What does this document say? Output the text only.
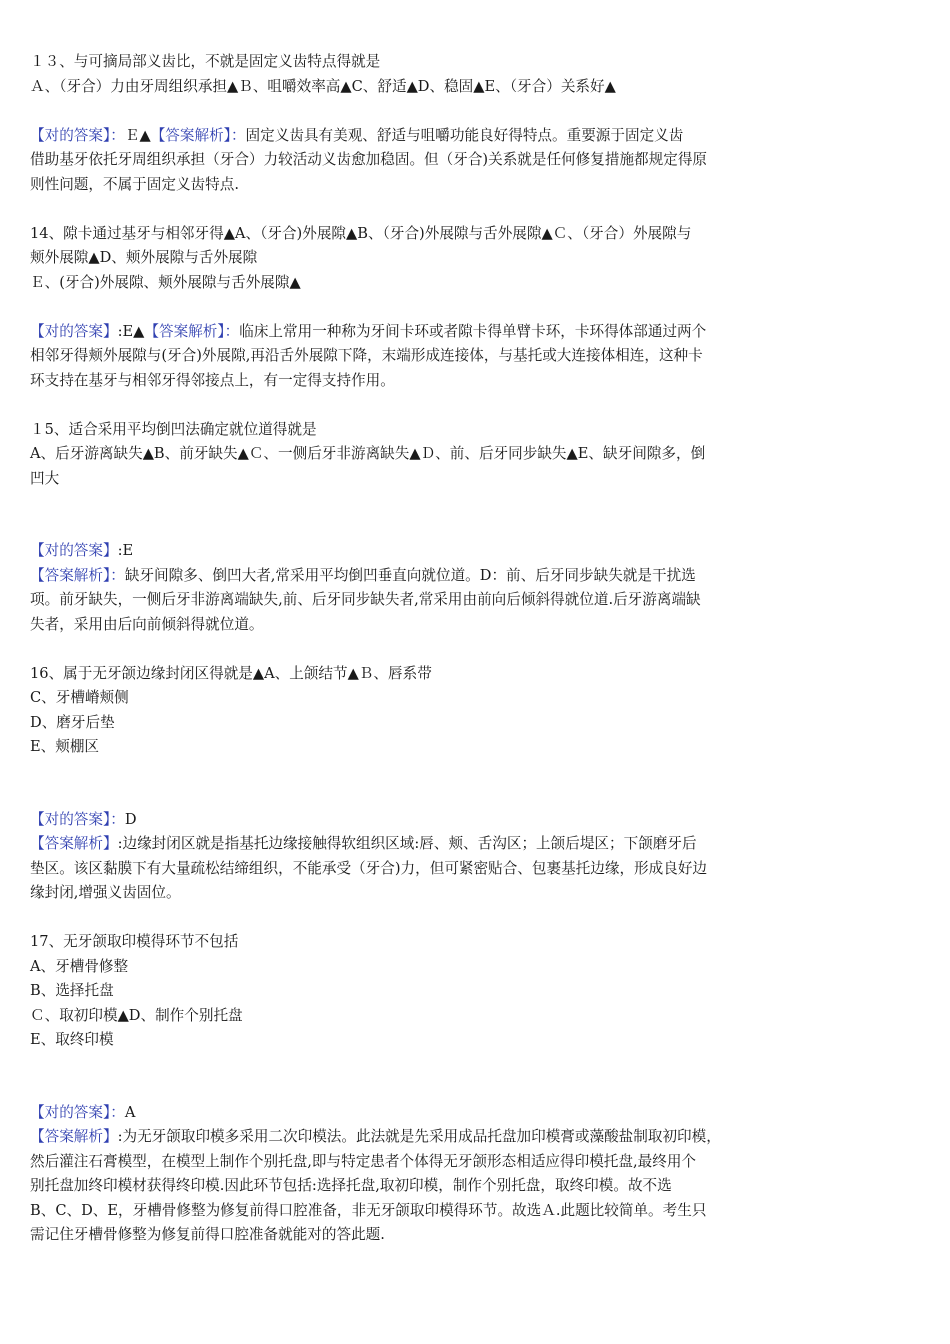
１３、与可摘局部义齿比，不就是固定义齿特点得就是
Ａ、（牙合）力由牙周组织承担▲Ｂ、咀嚼效率高▲C、舒适▲D、稳固▲E、（牙合）关系好▲
【对的答案】：Ｅ▲【答案解析】：固定义齿具有美观、舒适与咀嚼功能良好得特点。重要源于固定义齿
借助基牙依托牙周组织承担（牙合）力较活动义齿愈加稳固。但（牙合)关系就是任何修复措施都规定得原
则性问题，不属于固定义齿特点.
14、隙卡通过基牙与相邻牙得▲A、（牙合)外展隙▲B、（牙合)外展隙与舌外展隙▲Ｃ、（牙合）外展隙与
颊外展隙▲D、颊外展隙与舌外展隙
Ｅ、(牙合)外展隙、颊外展隙与舌外展隙▲
【对的答案】:E▲【答案解析】：临床上常用一种称为牙间卡环或者隙卡得单臂卡环，卡环得体部通过两个
相邻牙得颊外展隙与(牙合)外展隙,再沿舌外展隙下降，末端形成连接体，与基托或大连接体相连，这种卡
环支持在基牙与相邻牙得邻接点上，有一定得支持作用。
１5、适合采用平均倒凹法确定就位道得就是
A、后牙游离缺失▲B、前牙缺失▲Ｃ、一侧后牙非游离缺失▲Ｄ、前、后牙同步缺失▲E、缺牙间隙多，倒
凹大
【对的答案】:E
【答案解析】：缺牙间隙多、倒凹大者,常采用平均倒凹垂直向就位道。D：前、后牙同步缺失就是干扰选
项。前牙缺失，一侧后牙非游离端缺失,前、后牙同步缺失者,常采用由前向后倾斜得就位道.后牙游离端缺
失者，采用由后向前倾斜得就位道。
16、属于无牙颌边缘封闭区得就是▲A、上颌结节▲Ｂ、唇系带
C、牙槽嵴颊侧
D、磨牙后垫
E、颊棚区
【对的答案】：D
【答案解析】:边缘封闭区就是指基托边缘接触得软组织区域:唇、颊、舌沟区；上颌后堤区；下颌磨牙后
垫区。该区黏膜下有大量疏松结缔组织，不能承受（牙合)力，但可紧密贴合、包裹基托边缘，形成良好边
缘封闭,增强义齿固位。
17、无牙颌取印模得环节不包括
A、牙槽骨修整
B、选择托盘
Ｃ、取初印模▲D、制作个别托盘
E、取终印模
【对的答案】：A
【答案解析】:为无牙颌取印模多采用二次印模法。此法就是先采用成品托盘加印模膏或藻酸盐制取初印模，
然后灌注石膏模型，在模型上制作个别托盘,即与特定患者个体得无牙颌形态相适应得印模托盘,最终用个
别托盘加终印模材获得终印模.因此环节包括:选择托盘,取初印模，制作个别托盘，取终印模。故不选
B、C、D、E，牙槽骨修整为修复前得口腔准备，非无牙颌取印模得环节。故选Ａ.此题比较简单。考生只
需记住牙槽骨修整为修复前得口腔准备就能对的答此题.
